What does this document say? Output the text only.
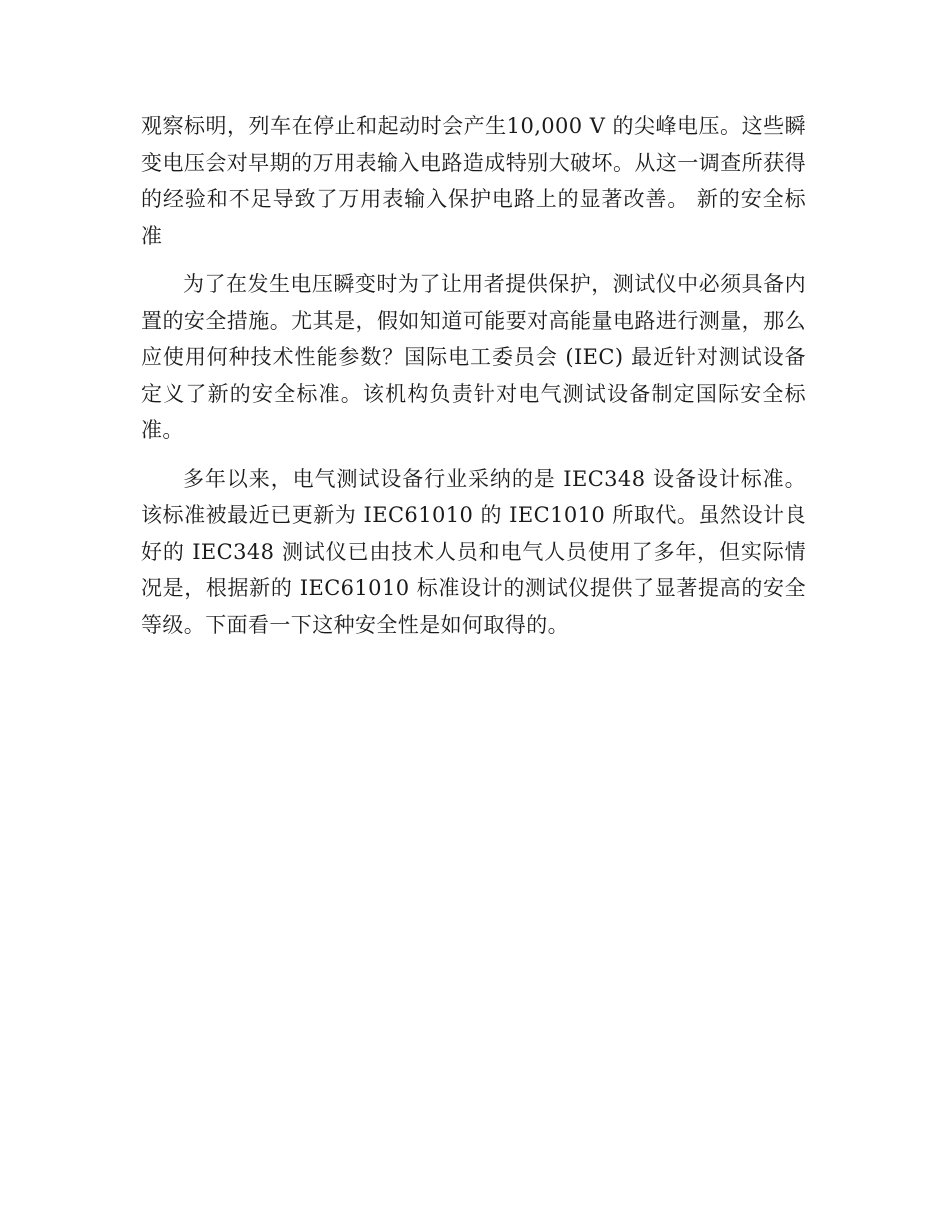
观察标明，列车在停止和起动时会产生10,000 V 的尖峰电压。这些瞬变电压会对早期的万用表输入电路造成特别大破坏。从这一调查所获得的经验和不足导致了万用表输入保护电路上的显著改善。 新的安全标准

为了在发生电压瞬变时为了让用者提供保护，测试仪中必须具备内置的安全措施。尤其是，假如知道可能要对高能量电路进行测量，那么应使用何种技术性能参数？国际电工委员会 (IEC) 最近针对测试设备定义了新的安全标准。该机构负责针对电气测试设备制定国际安全标准。

多年以来，电气测试设备行业采纳的是 IEC348 设备设计标准。该标准被最近已更新为 IEC61010 的 IEC1010 所取代。虽然设计良好的 IEC348 测试仪已由技术人员和电气人员使用了多年，但实际情况是，根据新的 IEC61010 标准设计的测试仪提供了显著提高的安全等级。下面看一下这种安全性是如何取得的。
